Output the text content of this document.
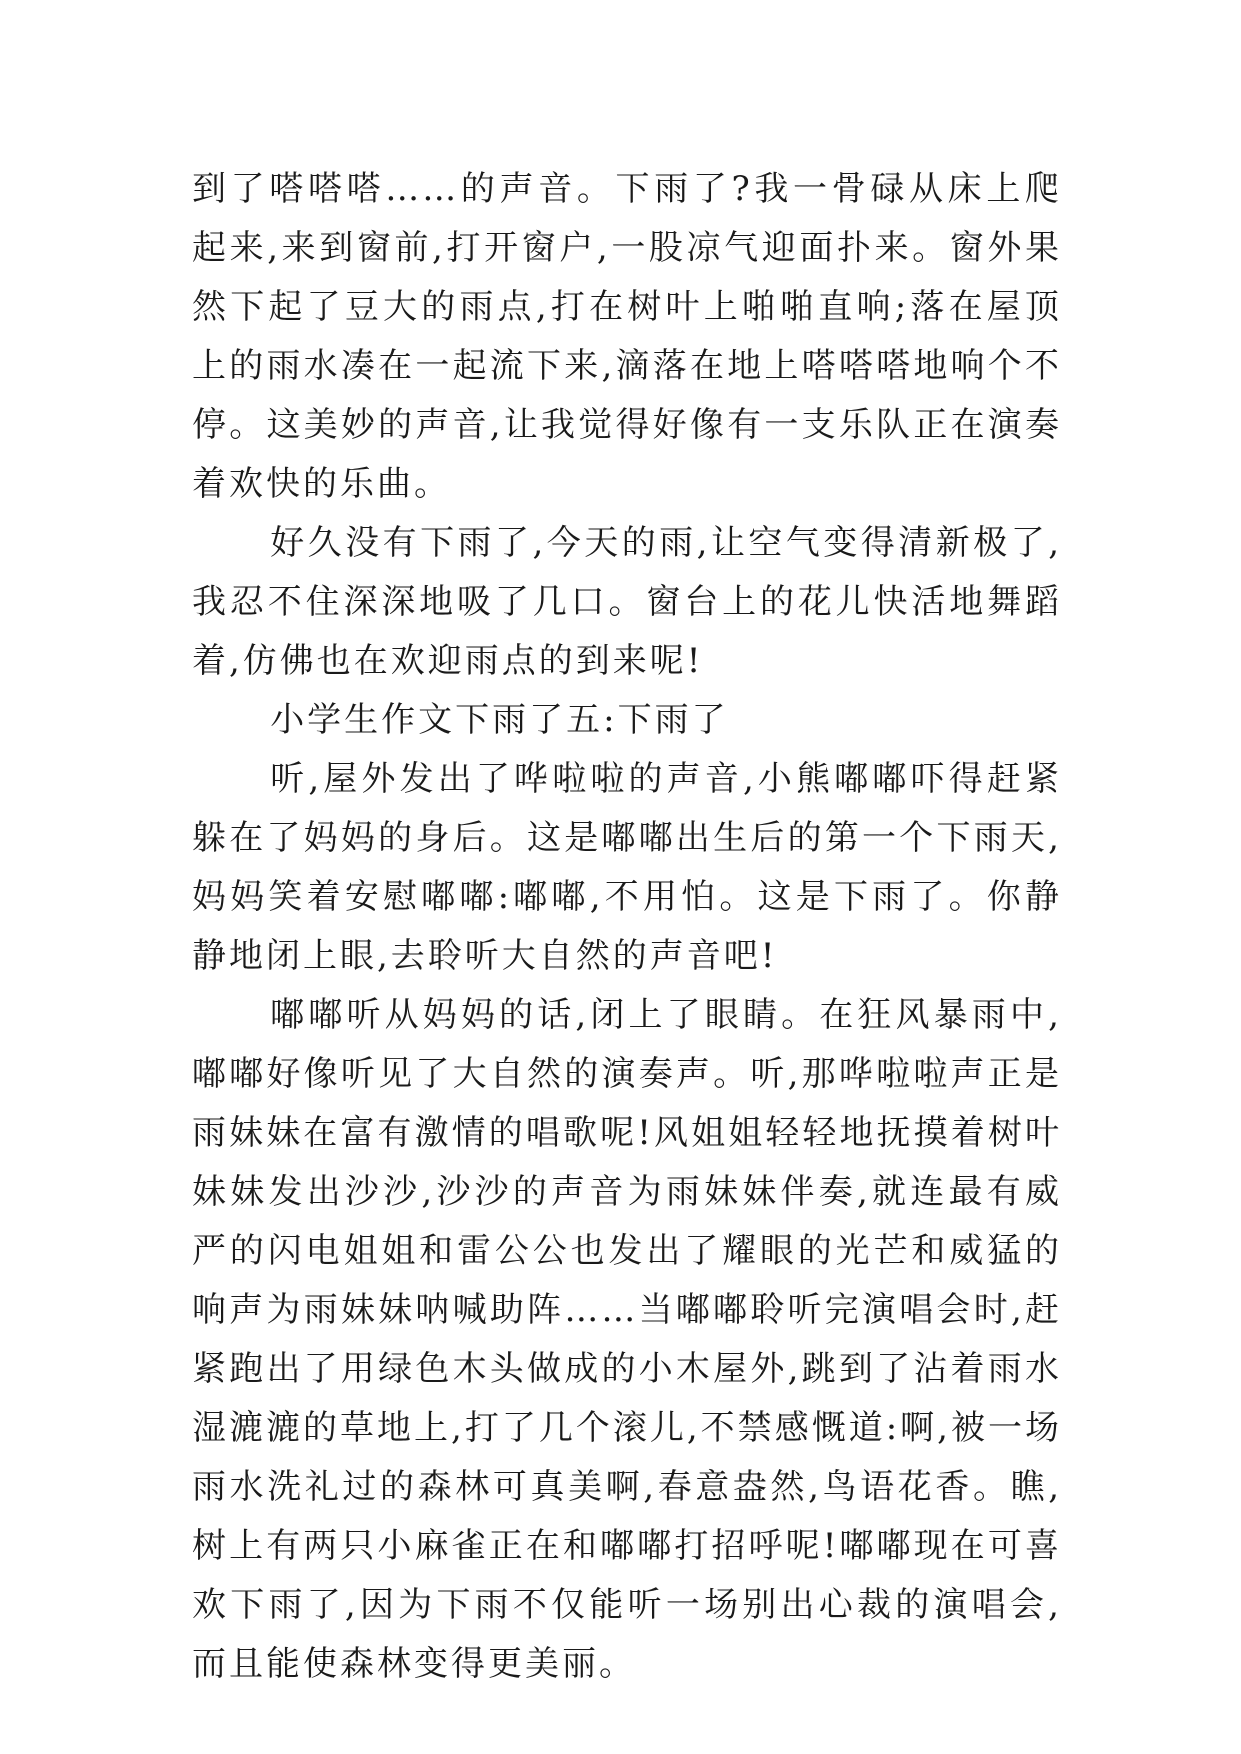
到了嗒嗒嗒……的声音。下雨了?我一骨碌从床上爬起来,来到窗前,打开窗户,一股凉气迎面扑来。窗外果然下起了豆大的雨点,打在树叶上啪啪直响;落在屋顶上的雨水凑在一起流下来,滴落在地上嗒嗒嗒地响个不停。这美妙的声音,让我觉得好像有一支乐队正在演奏着欢快的乐曲。

好久没有下雨了,今天的雨,让空气变得清新极了,我忍不住深深地吸了几口。窗台上的花儿快活地舞蹈着,仿佛也在欢迎雨点的到来呢!

小学生作文下雨了五:下雨了

听,屋外发出了哗啦啦的声音,小熊嘟嘟吓得赶紧躲在了妈妈的身后。这是嘟嘟出生后的第一个下雨天,妈妈笑着安慰嘟嘟:嘟嘟,不用怕。这是下雨了。你静静地闭上眼,去聆听大自然的声音吧!

嘟嘟听从妈妈的话,闭上了眼睛。在狂风暴雨中,嘟嘟好像听见了大自然的演奏声。听,那哗啦啦声正是雨妹妹在富有激情的唱歌呢!风姐姐轻轻地抚摸着树叶妹妹发出沙沙,沙沙的声音为雨妹妹伴奏,就连最有威严的闪电姐姐和雷公公也发出了耀眼的光芒和威猛的响声为雨妹妹呐喊助阵……当嘟嘟聆听完演唱会时,赶紧跑出了用绿色木头做成的小木屋外,跳到了沾着雨水湿漉漉的草地上,打了几个滚儿,不禁感慨道:啊,被一场雨水洗礼过的森林可真美啊,春意盎然,鸟语花香。瞧,树上有两只小麻雀正在和嘟嘟打招呼呢!嘟嘟现在可喜欢下雨了,因为下雨不仅能听一场别出心裁的演唱会,而且能使森林变得更美丽。
